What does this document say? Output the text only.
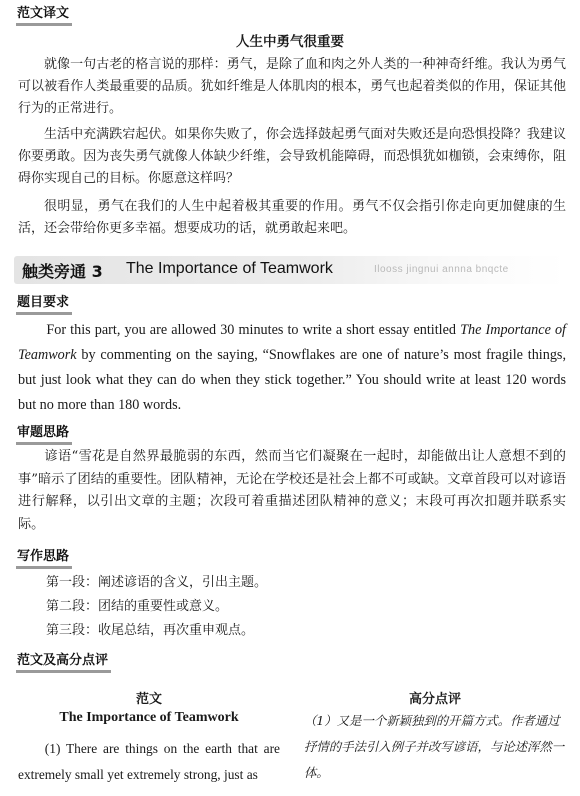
范文译文
人生中勇气很重要

就像一句古老的格言说的那样：勇气，是除了血和肉之外人类的一种神奇纤维。我认为勇气可以被看作人类最重要的品质。犹如纤维是人体肌肉的根本，勇气也起着类似的作用，保证其他行为的正常进行。

生活中充满跌宕起伏。如果你失败了，你会选择鼓起勇气面对失败还是向恐惧投降？我建议你要勇敢。因为丧失勇气就像人体缺少纤维，会导致机能障碍，而恐惧犹如枷锁，会束缚你，阻碍你实现自己的目标。你愿意这样吗？

很明显，勇气在我们的人生中起着极其重要的作用。勇气不仅会指引你走向更加健康的生活，还会带给你更多幸福。想要成功的话，就勇敢起来吧。

触类旁通 3 The Importance of Teamwork	Ilooss jingnui annna bnqcte
题目要求

For this part, you are allowed 30 minutes to write a short essay entitled The Importance of Teamwork by commenting on the saying, “Snowflakes are one of nature’s most fragile things, but just look what they can do when they stick together.” You should write at least 120 words but no more than 180 words.

审题思路

谚语“雪花是自然界最脆弱的东西，然而当它们凝聚在一起时，却能做出让人意想不到的事”暗示了团结的重要性。团队精神，无论在学校还是社会上都不可或缺。文章首段可以对谚语进行解释，以引出文章的主题；次段可着重描述团队精神的意义；末段可再次扣题并联系实际。

写作思路
第一段：阐述谚语的含义，引出主题。
第二段：团结的重要性或意义。
第三段：收尾总结，再次重申观点。
范文及高分点评
范文
The Importance of Teamwork

(1) There are things on the earth that are extremely small yet extremely strong, just as

高分点评

（1）又是一个新颖独到的开篇方式。作者通过抒情的手法引入例子并改写谚语，与论述浑然一体。
